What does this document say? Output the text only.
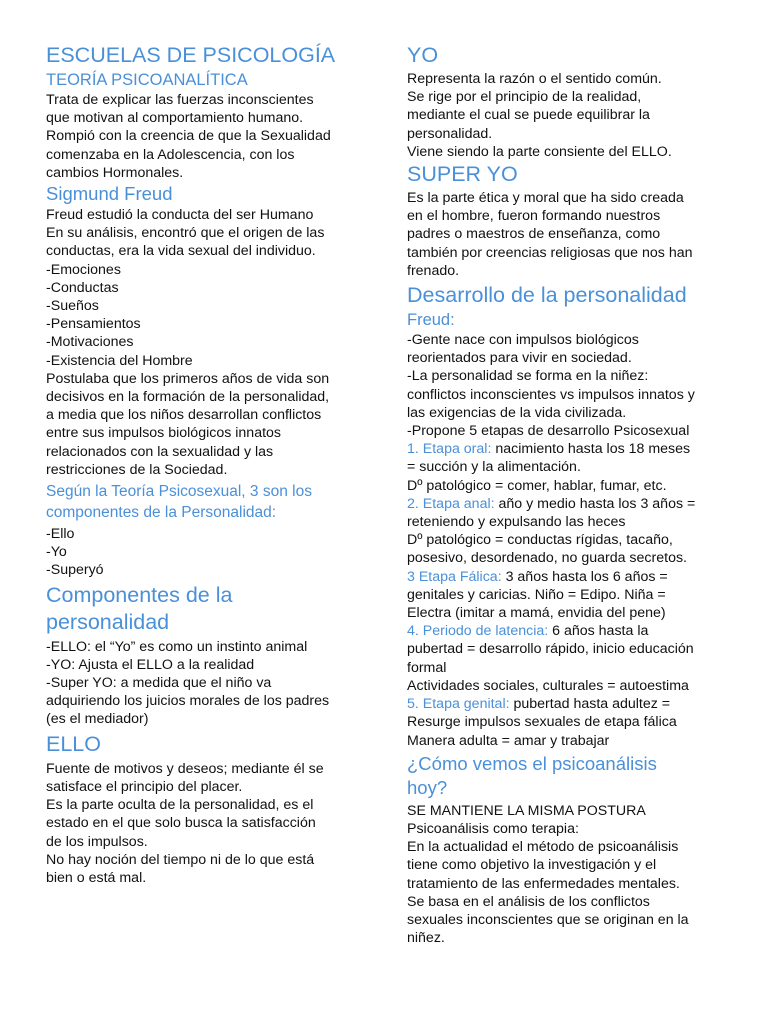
ESCUELAS DE PSICOLOGÍA
TEORÍA PSICOANALÍTICA

Trata de explicar las fuerzas inconscientes

que motivan al comportamiento humano.

Rompió con la creencia de que la Sexualidad

comenzaba en la Adolescencia, con los

cambios Hormonales.

Sigmund Freud

Freud estudió la conducta del ser Humano

En su análisis, encontró que el origen de las

conductas, era la vida sexual del individuo.

-Emociones

-Conductas

-Sueños

-Pensamientos

-Motivaciones

-Existencia del Hombre

Postulaba que los primeros años de vida son

decisivos en la formación de la personalidad,

a media que los niños desarrollan conflictos

entre sus impulsos biológicos innatos

relacionados con la sexualidad y las

restricciones de la Sociedad.

Según la Teoría Psicosexual, 3 son los
componentes de la Personalidad:

-Ello

-Yo

-Superyó

Componentes de la
personalidad

-ELLO: el “Yo” es como un instinto animal

-YO: Ajusta el ELLO a la realidad

-Super YO: a medida que el niño va

adquiriendo los juicios morales de los padres

(es el mediador)

ELLO

Fuente de motivos y deseos; mediante él se

satisface el principio del placer.

Es la parte oculta de la personalidad, es el

estado en el que solo busca la satisfacción

de los impulsos.

No hay noción del tiempo ni de lo que está

bien o está mal.

YO

Representa la razón o el sentido común.

Se rige por el principio de la realidad,

mediante el cual se puede equilibrar la

personalidad.

Viene siendo la parte consiente del ELLO.

SUPER YO

Es la parte ética y moral que ha sido creada

en el hombre, fueron formando nuestros

padres o maestros de enseñanza, como

también por creencias religiosas que nos han

frenado.

Desarrollo de la personalidad
Freud:

-Gente nace con impulsos biológicos

reorientados para vivir en sociedad.

-La personalidad se forma en la niñez:

conflictos inconscientes vs impulsos innatos y

las exigencias de la vida civilizada.

-Propone 5 etapas de desarrollo Psicosexual

1. Etapa oral: nacimiento hasta los 18 meses

= succión y la alimentación.

Dº patológico = comer, hablar, fumar, etc.

2. Etapa anal: año y medio hasta los 3 años =

reteniendo y expulsando las heces

Dº patológico = conductas rígidas, tacaño,

posesivo, desordenado, no guarda secretos.

3 Etapa Fálica: 3 años hasta los 6 años =

genitales y caricias. Niño = Edipo. Niña =

Electra (imitar a mamá, envidia del pene)

4. Periodo de latencia: 6 años hasta la

pubertad = desarrollo rápido, inicio educación

formal

Actividades sociales, culturales = autoestima

5. Etapa genital: pubertad hasta adultez =

Resurge impulsos sexuales de etapa fálica

Manera adulta = amar y trabajar

¿Cómo vemos el psicoanálisis
hoy?

SE MANTIENE LA MISMA POSTURA

Psicoanálisis como terapia:

En la actualidad el método de psicoanálisis

tiene como objetivo la investigación y el

tratamiento de las enfermedades mentales.

Se basa en el análisis de los conflictos

sexuales inconscientes que se originan en la

niñez.
